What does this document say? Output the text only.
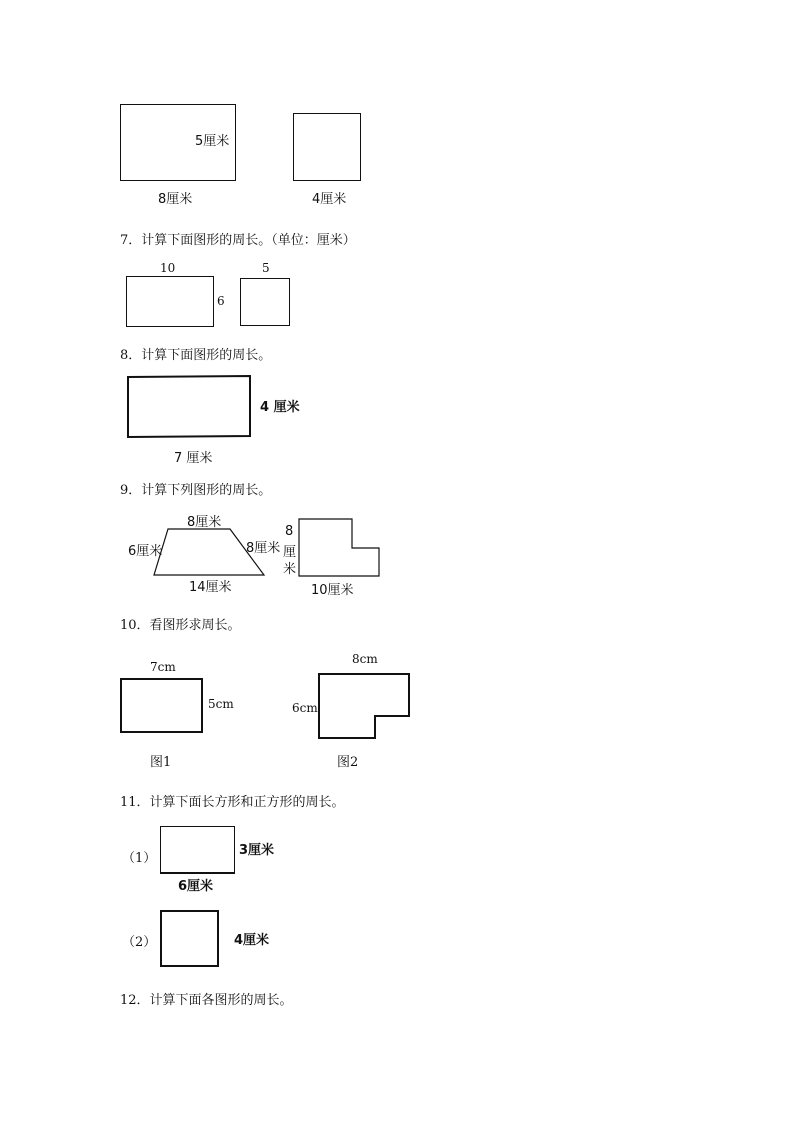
5厘米
8厘米	4厘米
7．计算下面图形的周长。（单位：厘米）
10
6
5
8．计算下面图形的周长。
4 厘米
7 厘米
9．计算下列图形的周长。
8厘米
6厘米	8厘米
14厘米
8
厘
米
10厘米
10．看图形求周长。
7cm
5cm
图1
8cm
6cm
图2
11．计算下面长方形和正方形的周长。
（1）
3厘米
6厘米
（2）	4厘米
12．计算下面各图形的周长。
